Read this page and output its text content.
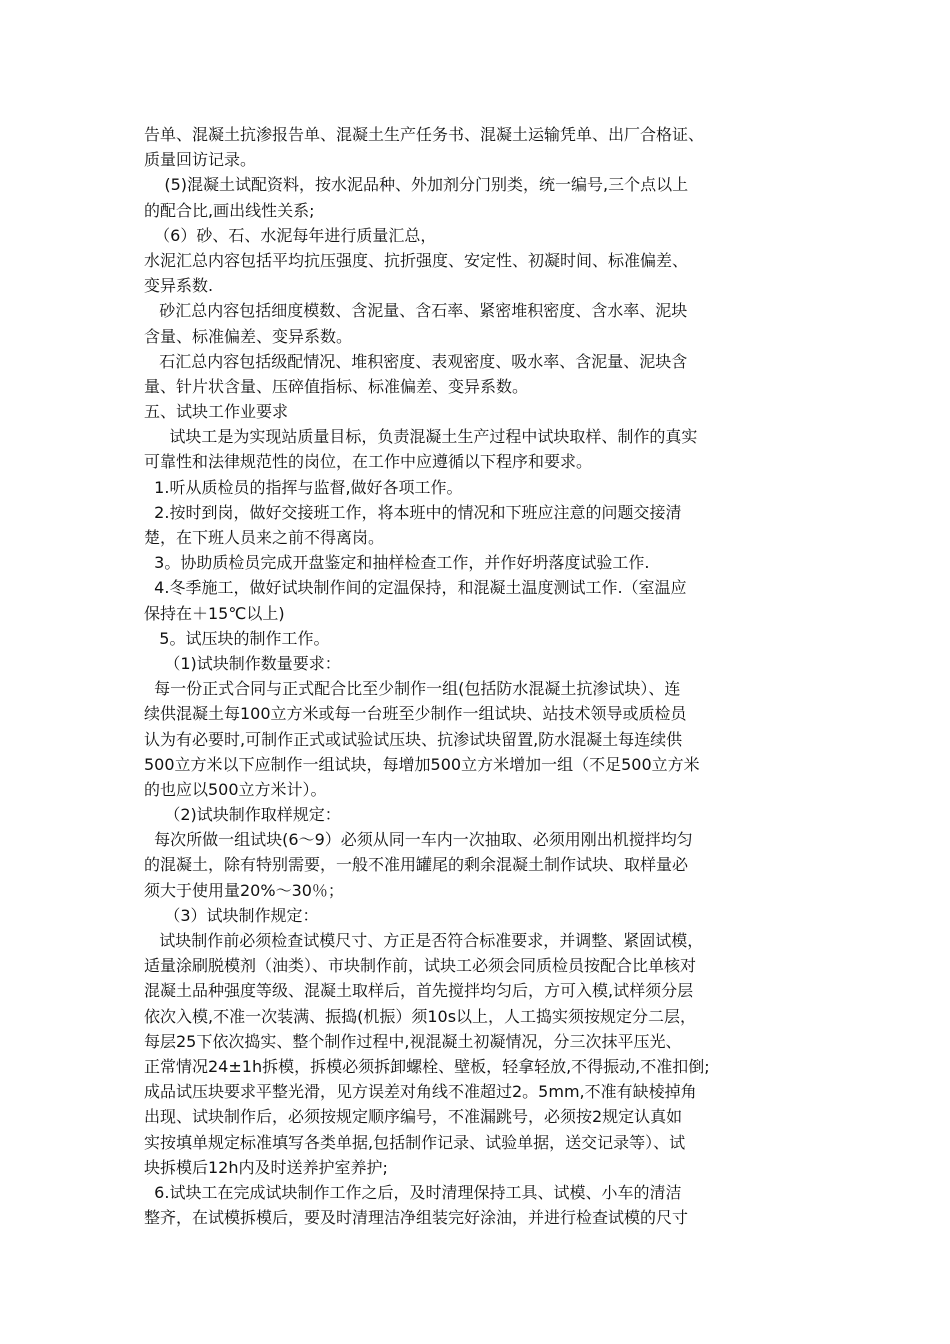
告单、混凝土抗渗报告单、混凝土生产任务书、混凝土运输凭单、出厂合格证、
质量回访记录。
(5)混凝土试配资料，按水泥品种、外加剂分门别类，统一编号,三个点以上
的配合比,画出线性关系;
（6）砂、石、水泥每年进行质量汇总，
水泥汇总内容包括平均抗压强度、抗折强度、安定性、初凝时间、标准偏差、
变异系数.
砂汇总内容包括细度模数、含泥量、含石率、紧密堆积密度、含水率、泥块
含量、标准偏差、变异系数。
石汇总内容包括级配情况、堆积密度、表观密度、吸水率、含泥量、泥块含
量、针片状含量、压碎值指标、标准偏差、变异系数。
五、试块工作业要求
试块工是为实现站质量目标，负责混凝土生产过程中试块取样、制作的真实
可靠性和法律规范性的岗位，在工作中应遵循以下程序和要求。
1.听从质检员的指挥与监督,做好各项工作。
2.按时到岗，做好交接班工作，将本班中的情况和下班应注意的问题交接清
楚，在下班人员来之前不得离岗。
3。协助质检员完成开盘鉴定和抽样检查工作，并作好坍落度试验工作.
4.冬季施工，做好试块制作间的定温保持，和混凝土温度测试工作.（室温应
保持在＋15℃以上)
5。试压块的制作工作。
（1)试块制作数量要求：
每一份正式合同与正式配合比至少制作一组(包括防水混凝土抗渗试块）、连
续供混凝土每100立方米或每一台班至少制作一组试块、站技术领导或质检员
认为有必要时,可制作正式或试验试压块、抗渗试块留置,防水混凝土每连续供
500立方米以下应制作一组试块，每增加500立方米增加一组（不足500立方米
的也应以500立方米计）。
（2)试块制作取样规定：
每次所做一组试块(6～9）必须从同一车内一次抽取、必须用刚出机搅拌均匀
的混凝土，除有特别需要，一般不准用罐尾的剩余混凝土制作试块、取样量必
须大于使用量20%～30％；
（3）试块制作规定：
试块制作前必须检查试模尺寸、方正是否符合标准要求，并调整、紧固试模，
适量涂刷脱模剂（油类）、市块制作前，试块工必须会同质检员按配合比单核对
混凝土品种强度等级、混凝土取样后，首先搅拌均匀后，方可入模,试样须分层
依次入模,不准一次装满、振捣(机振）须10s以上，人工捣实须按规定分二层，
每层25下依次捣实、整个制作过程中,视混凝土初凝情况，分三次抹平压光、
正常情况24±1h拆模，拆模必须拆卸螺栓、壁板，轻拿轻放,不得振动,不准扣倒;
成品试压块要求平整光滑，见方误差对角线不准超过2。5mm,不准有缺棱掉角
出现、试块制作后，必须按规定顺序编号，不准漏跳号，必须按2规定认真如
实按填单规定标准填写各类单据,包括制作记录、试验单据，送交记录等）、试
块拆模后12h内及时送养护室养护;
6.试块工在完成试块制作工作之后，及时清理保持工具、试模、小车的清洁
整齐，在试模拆模后，要及时清理洁净组装完好涂油，并进行检查试模的尺寸
